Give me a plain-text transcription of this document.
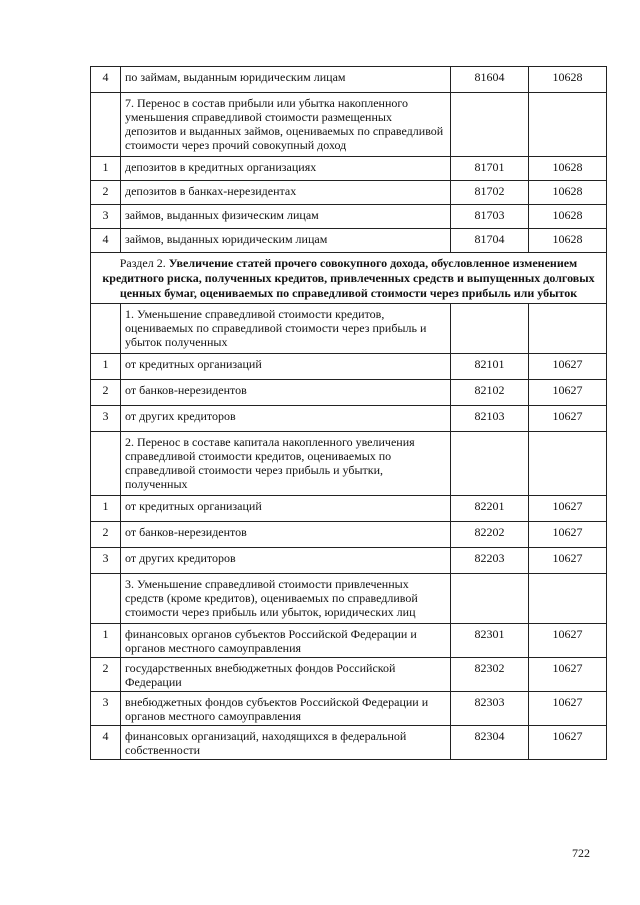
4	по займам, выданным юридическим лицам	81604	10628
	7. Перенос в состав прибыли или убытка накопленного уменьшения справедливой стоимости размещенных депозитов и выданных займов, оцениваемых по справедливой стоимости через прочий совокупный доход		
1	депозитов в кредитных организациях	81701	10628
2	депозитов в банках-нерезидентах	81702	10628
3	займов, выданных физическим лицам	81703	10628
4	займов, выданных юридическим лицам	81704	10628
Раздел 2. Увеличение статей прочего совокупного дохода, обусловленное изменением кредитного риска, полученных кредитов, привлеченных средств и выпущенных долговых ценных бумаг, оцениваемых по справедливой стоимости через прибыль или убыток			
	1. Уменьшение справедливой стоимости кредитов, оцениваемых по справедливой стоимости через прибыль и убыток полученных		
1	от кредитных организаций	82101	10627
2	от банков-нерезидентов	82102	10627
3	от других кредиторов	82103	10627
	2. Перенос в составе капитала накопленного увеличения справедливой стоимости кредитов, оцениваемых по справедливой стоимости через прибыль и убытки, полученных		
1	от кредитных организаций	82201	10627
2	от банков-нерезидентов	82202	10627
3	от других кредиторов	82203	10627
	3. Уменьшение справедливой стоимости привлеченных средств (кроме кредитов), оцениваемых по справедливой стоимости через прибыль или убыток, юридических лиц		
1	финансовых органов субъектов Российской Федерации и органов местного самоуправления	82301	10627
2	государственных внебюджетных фондов Российской Федерации	82302	10627
3	внебюджетных фондов субъектов Российской Федерации и органов местного самоуправления	82303	10627
4	финансовых организаций, находящихся в федеральной собственности	82304	10627
722
